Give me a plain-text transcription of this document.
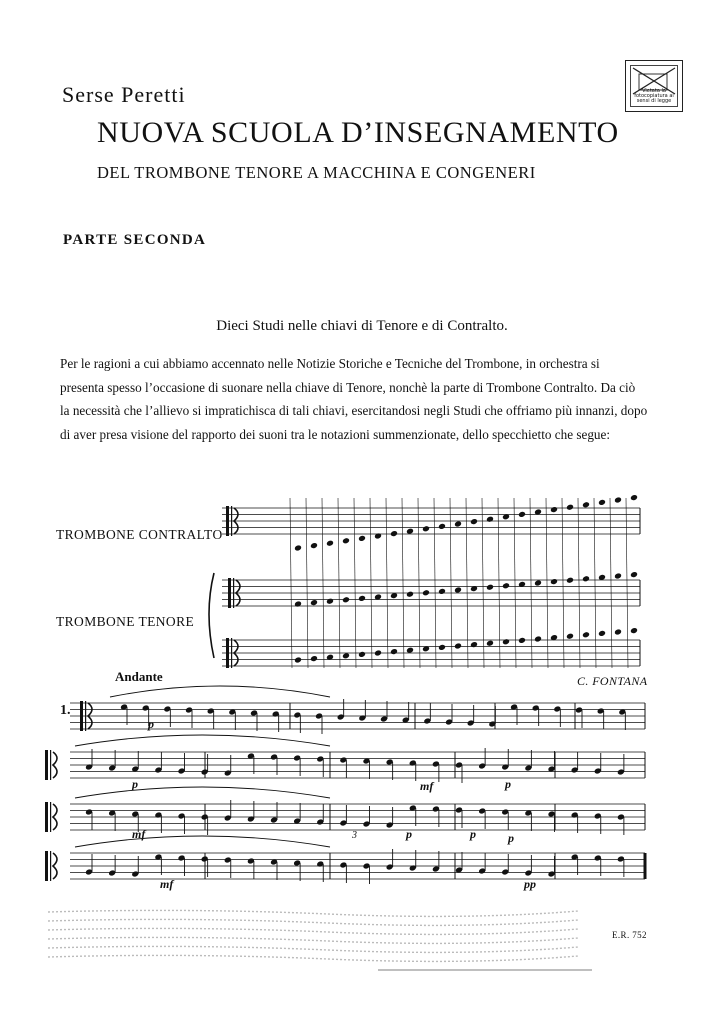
Serse Peretti
NUOVA SCUOLA D’INSEGNAMENTO
DEL TROMBONE TENORE A MACCHINA E CONGENERI
Vietata la fotocopiatura ai sensi di legge
PARTE SECONDA
Dieci Studi nelle chiavi di Tenore e di Contralto.
Per le ragioni a cui abbiamo accennato nelle Notizie Storiche e Tecniche del Trombone, in orchestra si
presenta spesso l’occasione di suonare nella chiave di Tenore, nonchè la parte di Trombone Contralto. Da ciò
la necessità che l’allievo si impratichisca di tali chiavi, esercitandosi negli Studi che offriamo più innanzi, dopo
di aver presa visione del rapporto dei suoni tra le notazioni summenzionate, dello specchietto che segue:
TROMBONE CONTRALTO
TROMBONE TENORE
p
p
mf	p	p
mf	p
p
mf	pp
3
Andante	C. FONTANA
1.
E.R. 752
